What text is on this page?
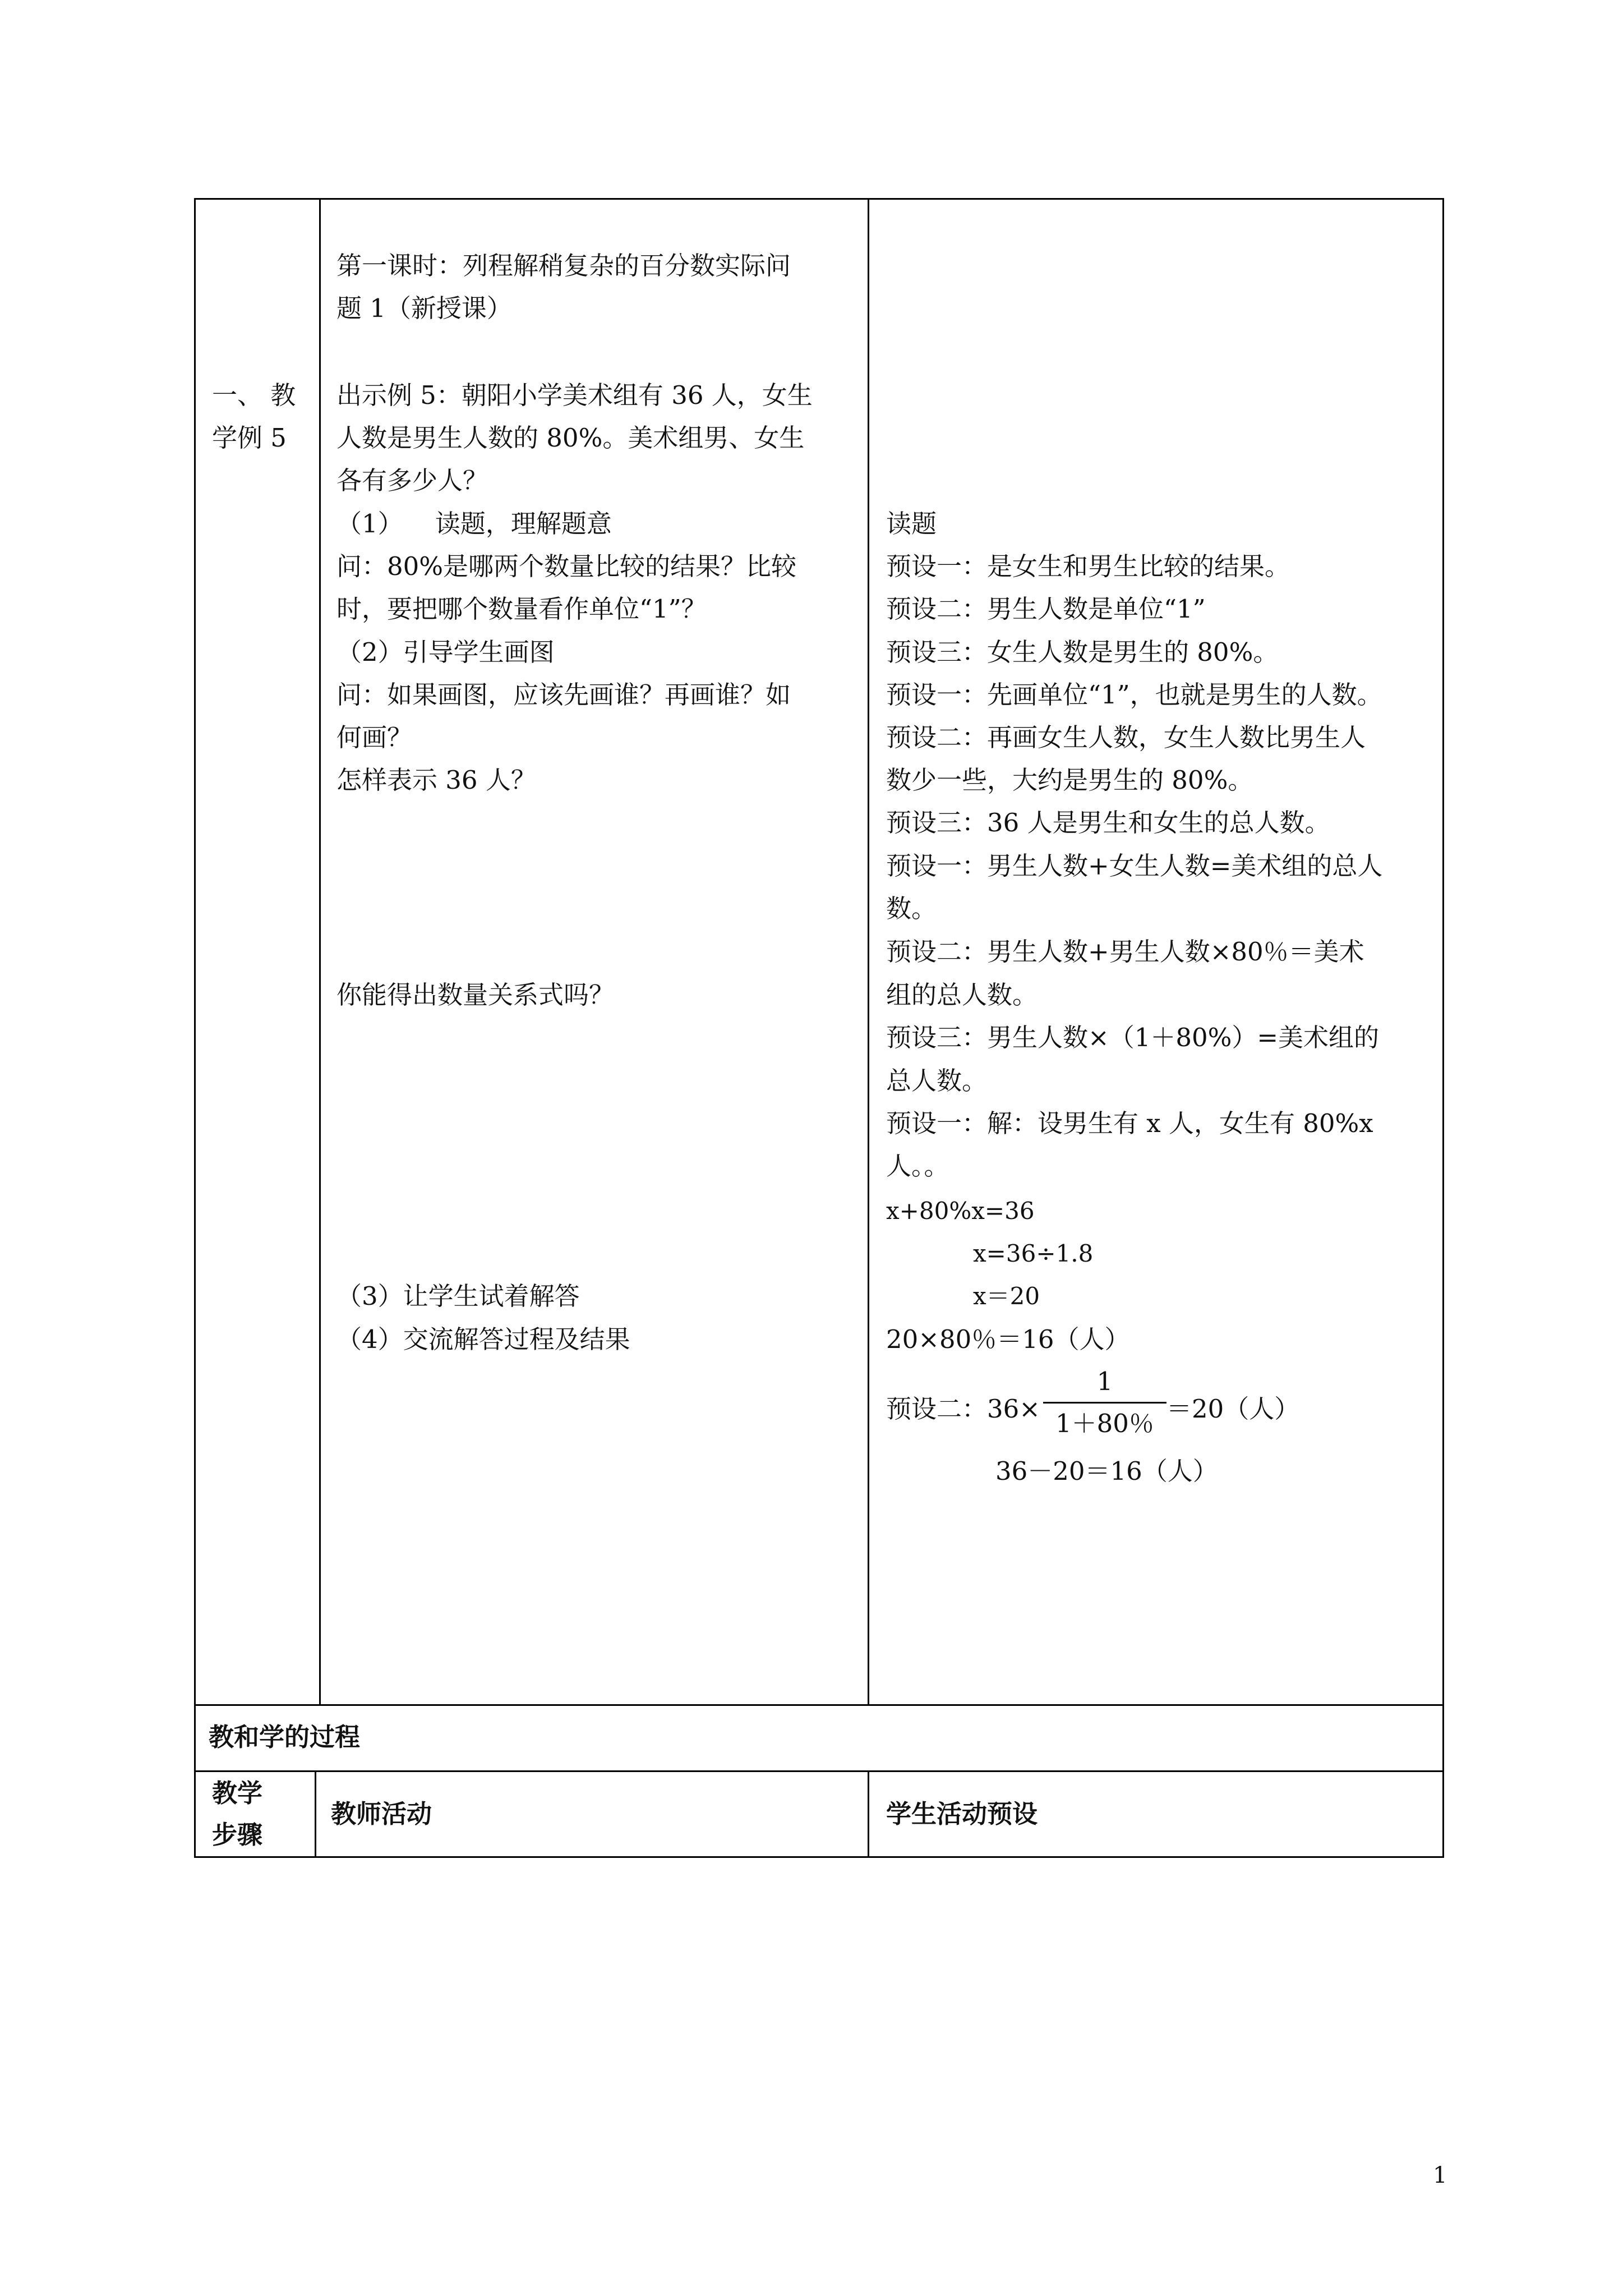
一、 教
学例 5
第一课时：列程解稍复杂的百分数实际问
题 1（新授课）
出示例 5：朝阳小学美术组有 36 人，女生
人数是男生人数的 80%。美术组男、女生
各有多少人？
（1）    读题，理解题意
问：80%是哪两个数量比较的结果？比较
时，要把哪个数量看作单位“1”？
（2）引导学生画图
问：如果画图，应该先画谁？再画谁？如
何画？
怎样表示 36 人？
你能得出数量关系式吗？
（3）让学生试着解答
（4）交流解答过程及结果
读题
预设一：是女生和男生比较的结果。
预设二：男生人数是单位“1”
预设三：女生人数是男生的 80%。
预设一：先画单位“1”，也就是男生的人数。
预设二：再画女生人数，女生人数比男生人
数少一些，大约是男生的 80%。
预设三：36 人是男生和女生的总人数。
预设一：男生人数+女生人数=美术组的总人
数。
预设二：男生人数+男生人数×80％＝美术
组的总人数。
预设三：男生人数×（1＋80%）=美术组的
总人数。
预设一：解：设男生有 x 人，女生有 80%x
人。。
x+80%x=36
x=36÷1.8
x＝20
20×80％＝16（人）
预设二：36×
1
1＋80％ ＝20（人）
36－20＝16（人）
教和学的过程
教学
步骤
教师活动	学生活动预设
1
